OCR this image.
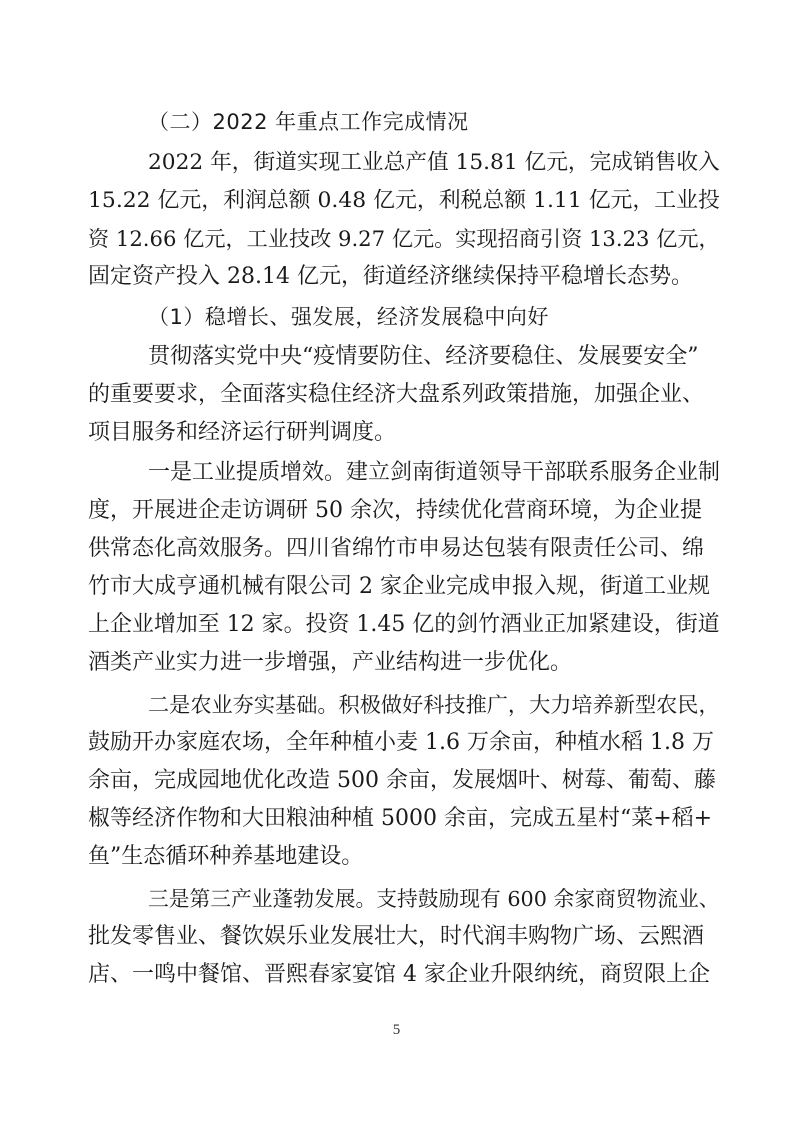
（二）2022 年重点工作完成情况
2022 年，街道实现工业总产值 15.81 亿元，完成销售收入
15.22 亿元，利润总额 0.48 亿元，利税总额 1.11 亿元，工业投
资 12.66 亿元，工业技改 9.27 亿元。实现招商引资 13.23 亿元，
固定资产投入 28.14 亿元，街道经济继续保持平稳增长态势。
（1）稳增长、强发展，经济发展稳中向好
贯彻落实党中央“疫情要防住、经济要稳住、发展要安全”
的重要要求，全面落实稳住经济大盘系列政策措施，加强企业、
项目服务和经济运行研判调度。
一是工业提质增效。建立剑南街道领导干部联系服务企业制
度，开展进企走访调研 50 余次，持续优化营商环境，为企业提
供常态化高效服务。四川省绵竹市申易达包装有限责任公司、绵
竹市大成亨通机械有限公司 2 家企业完成申报入规，街道工业规
上企业增加至 12 家。投资 1.45 亿的剑竹酒业正加紧建设，街道
酒类产业实力进一步增强，产业结构进一步优化。
二是农业夯实基础。积极做好科技推广，大力培养新型农民，
鼓励开办家庭农场，全年种植小麦 1.6 万余亩，种植水稻 1.8 万
余亩，完成园地优化改造 500 余亩，发展烟叶、树莓、葡萄、藤
椒等经济作物和大田粮油种植 5000 余亩，完成五星村“菜+稻+
鱼”生态循环种养基地建设。
三是第三产业蓬勃发展。支持鼓励现有 600 余家商贸物流业、
批发零售业、餐饮娱乐业发展壮大，时代润丰购物广场、云熙酒
店、一鸣中餐馆、晋熙春家宴馆 4 家企业升限纳统，商贸限上企
5
